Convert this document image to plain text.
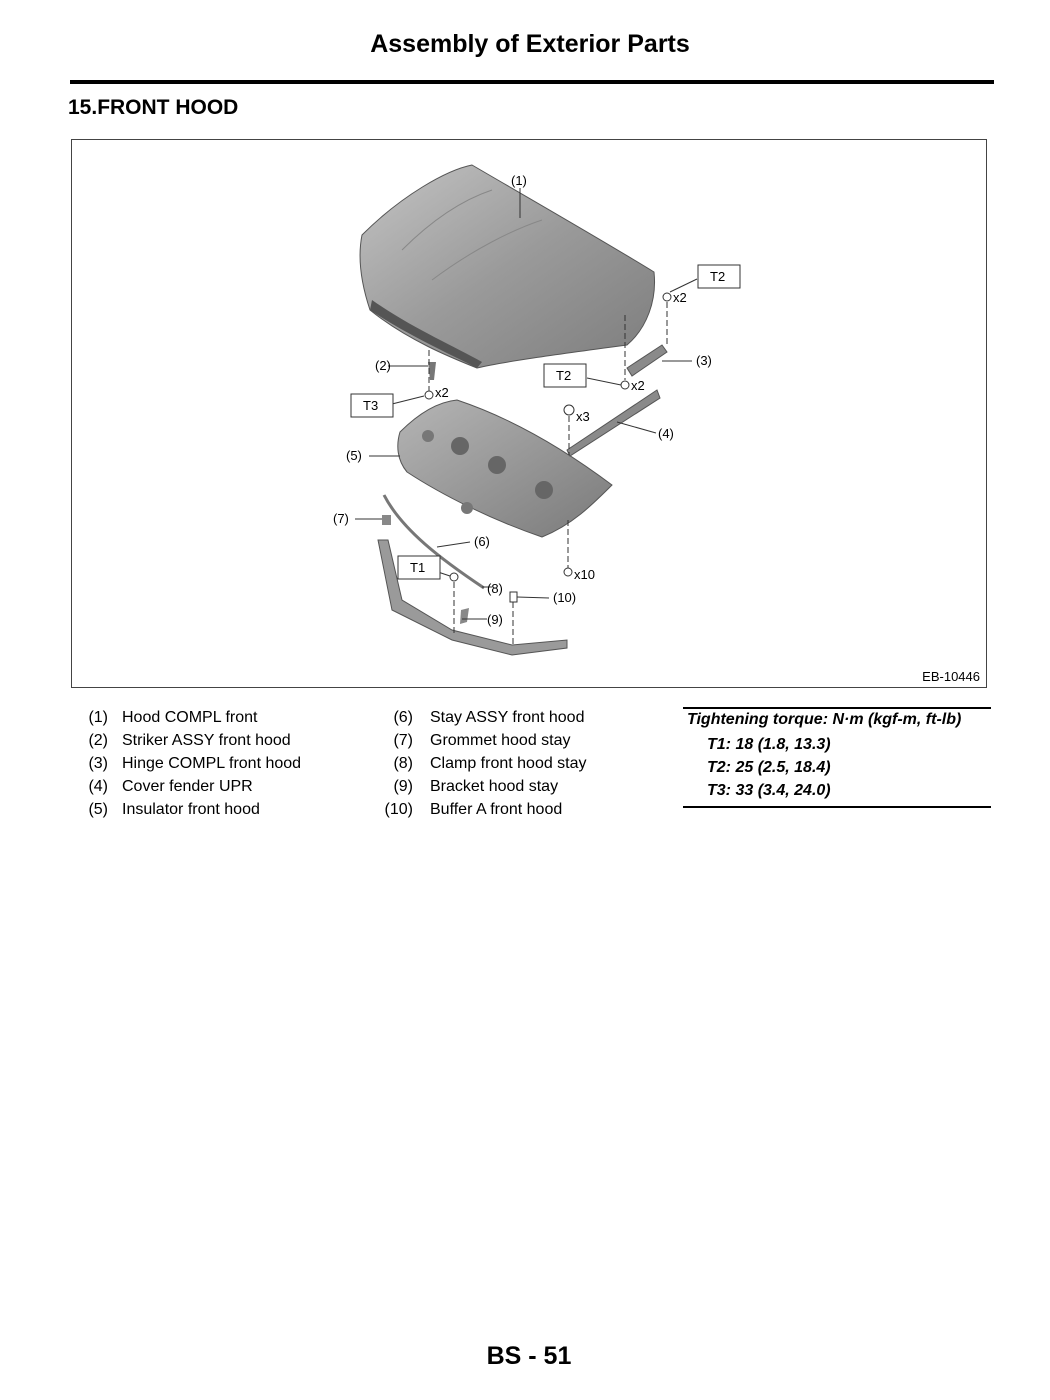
Assembly of Exterior Parts
15.FRONT HOOD
(1)
(2)	(3)
(4)
(5)
(6)
(7)
(8)
(9)
(10)
T2
T2
T3
T1
x2
x2
x2
x3
x10
EB-10446
(1) Hood COMPL front
(2) Striker ASSY front hood
(3) Hinge COMPL front hood
(4) Cover fender UPR
(5) Insulator front hood
(6) Stay ASSY front hood
(7) Grommet hood stay
(8) Clamp front hood stay
(9) Bracket hood stay
(10) Buffer A front hood
Tightening torque: N·m (kgf-m, ft-lb)
T1: 18 (1.8, 13.3)
T2: 25 (2.5, 18.4)
T3: 33 (3.4, 24.0)
BS - 51
